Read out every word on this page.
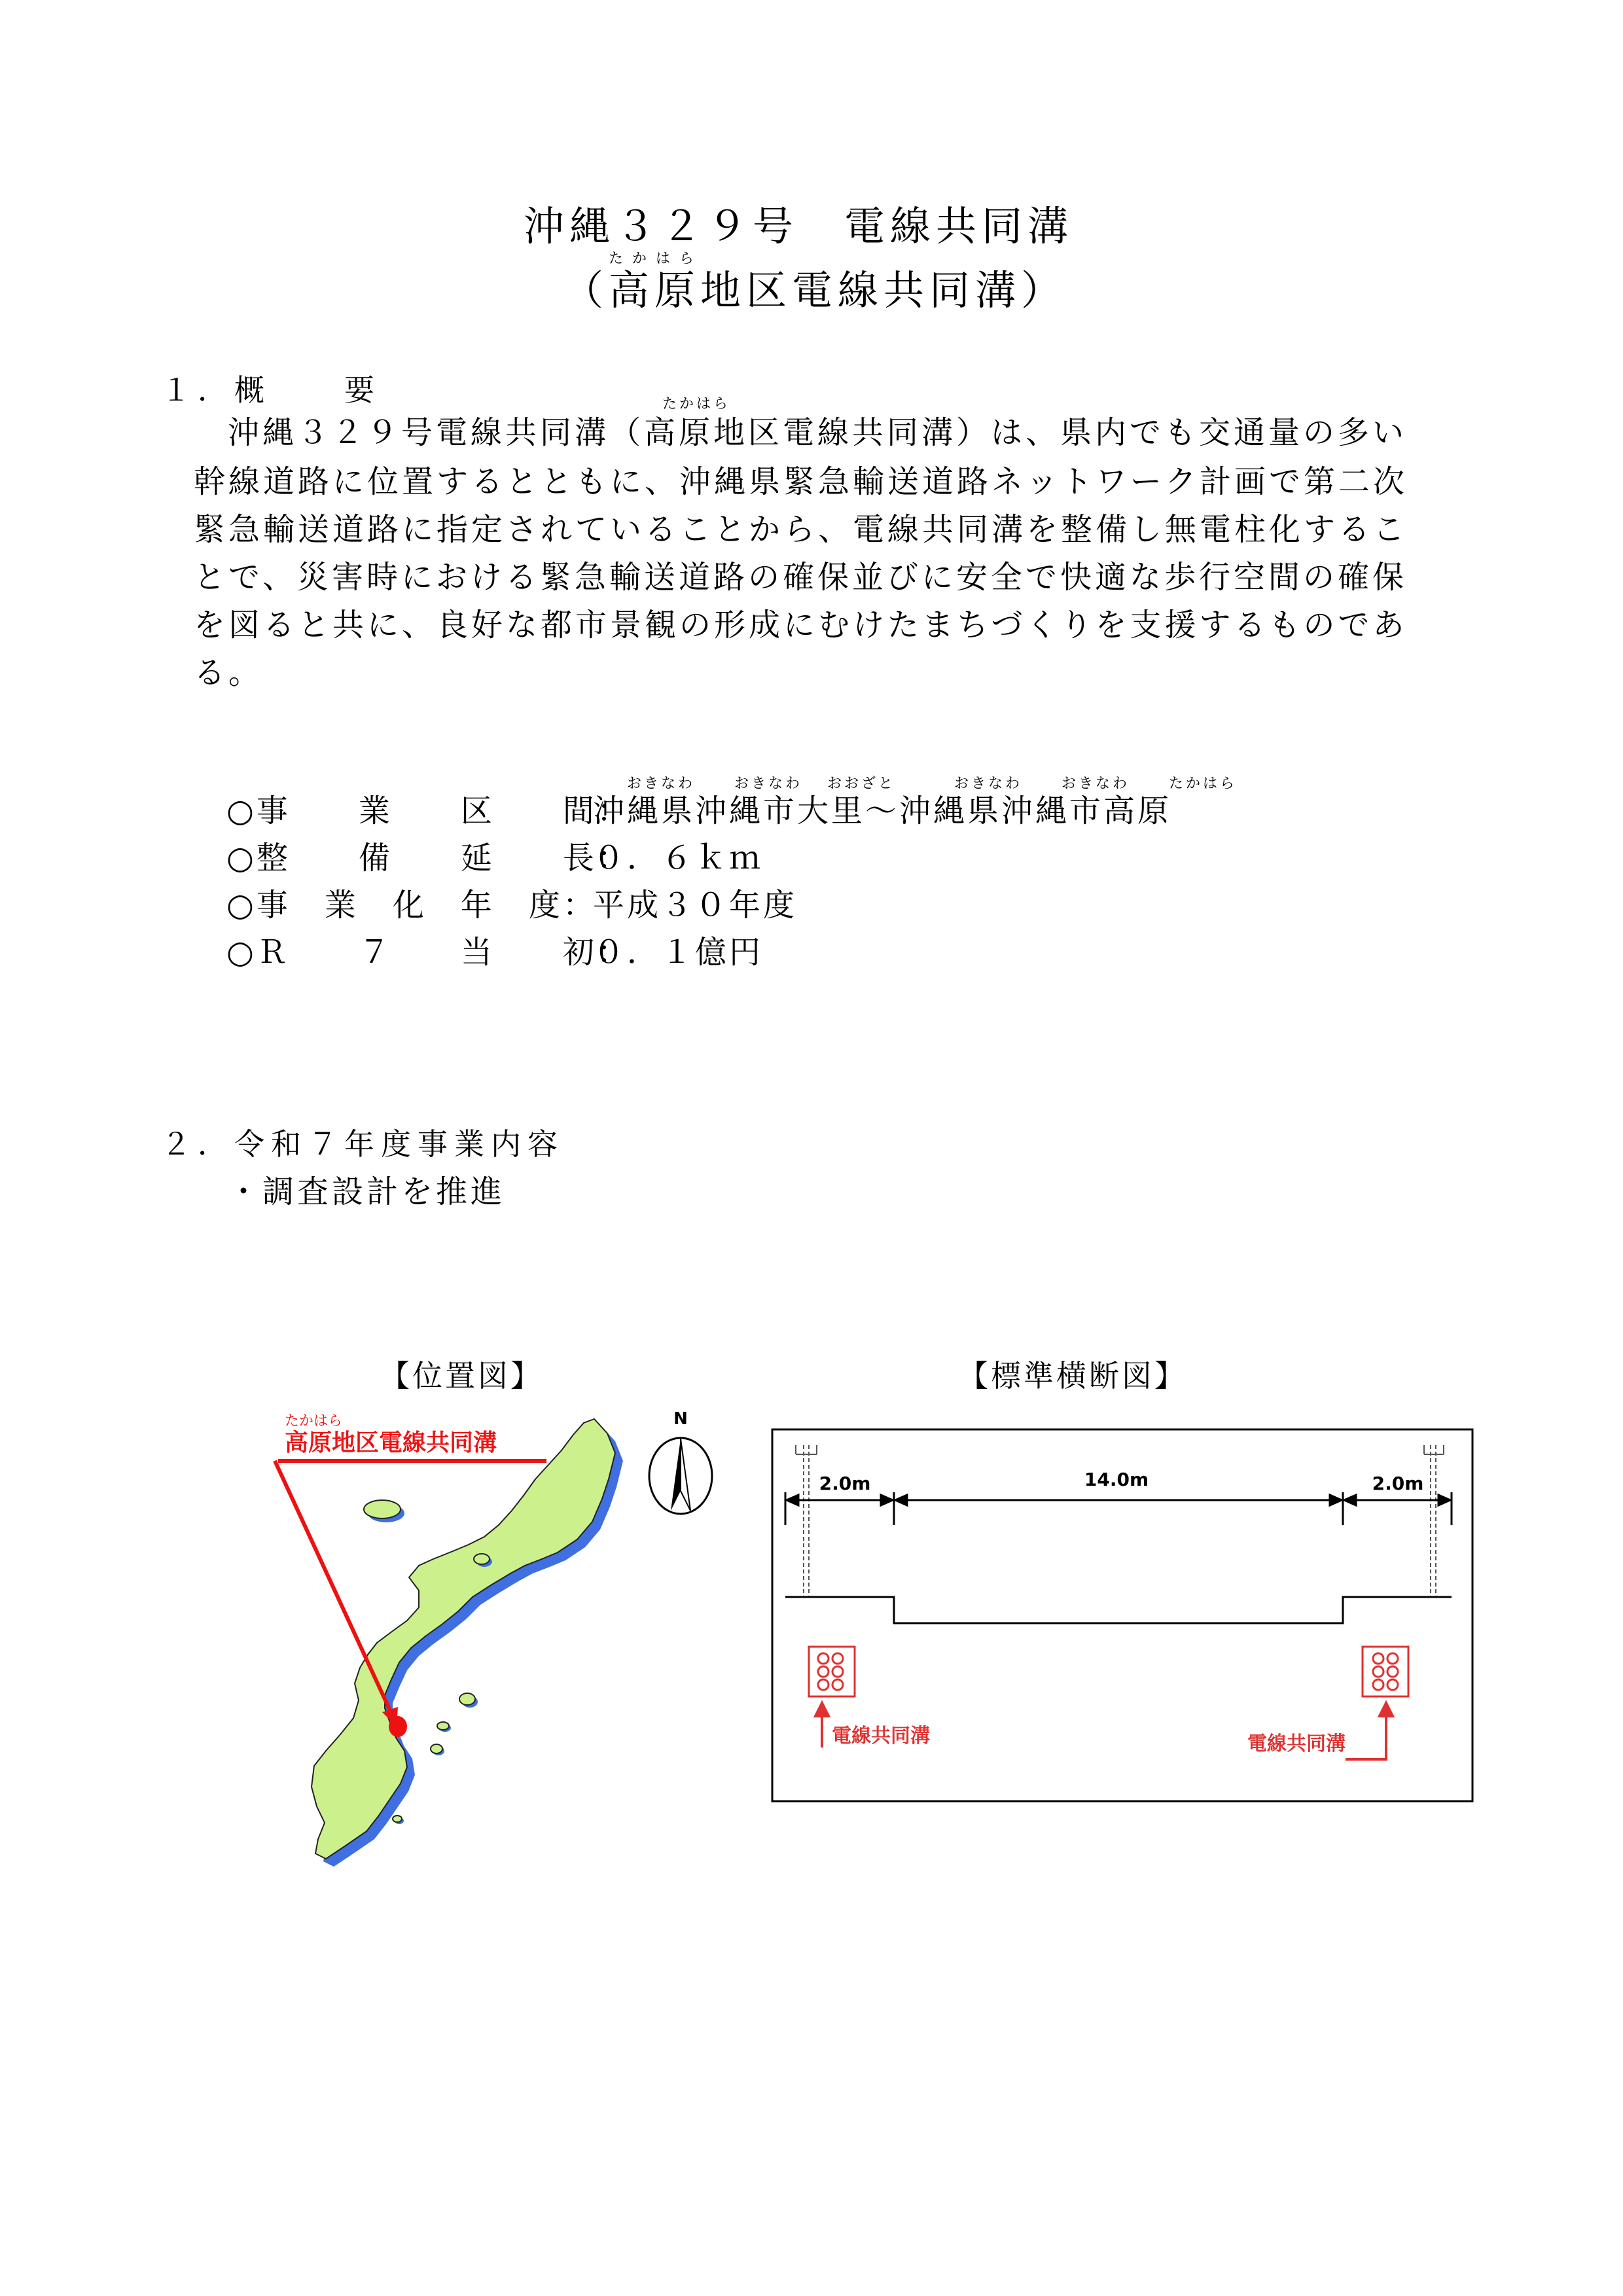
沖縄３２９号　電線共同溝
たかはら
（高原地区電線共同溝）
１．概　　要	たかはら
沖縄３２９号電線共同溝（高原地区電線共同溝）は、県内でも交通量の多い
幹線道路に位置するとともに、沖縄県緊急輸送道路ネットワーク計画で第二次
緊急輸送道路に指定されていることから、電線共同溝を整備し無電柱化するこ
とで、災害時における緊急輸送道路の確保並びに安全で快適な歩行空間の確保
を図ると共に、良好な都市景観の形成にむけたまちづくりを支援するものであ
る。
おきなわ	おきなわ おおざと	おきなわ	おきなわ	たかはら
○事　　業　　区　　間：沖縄県沖縄市大里～沖縄県沖縄市高原
○整　　備　　延　　長：０．６ｋｍ
○事　業　化　年　度：平成３０年度
○Ｒ　　７　　当　　初：０．１億円
２．令和７年度事業内容
・調査設計を推進
【位置図】	【標準横断図】
たかはら
高原地区電線共同溝
N
2.0m	14.0m	2.0m
電線共同溝	電線共同溝
